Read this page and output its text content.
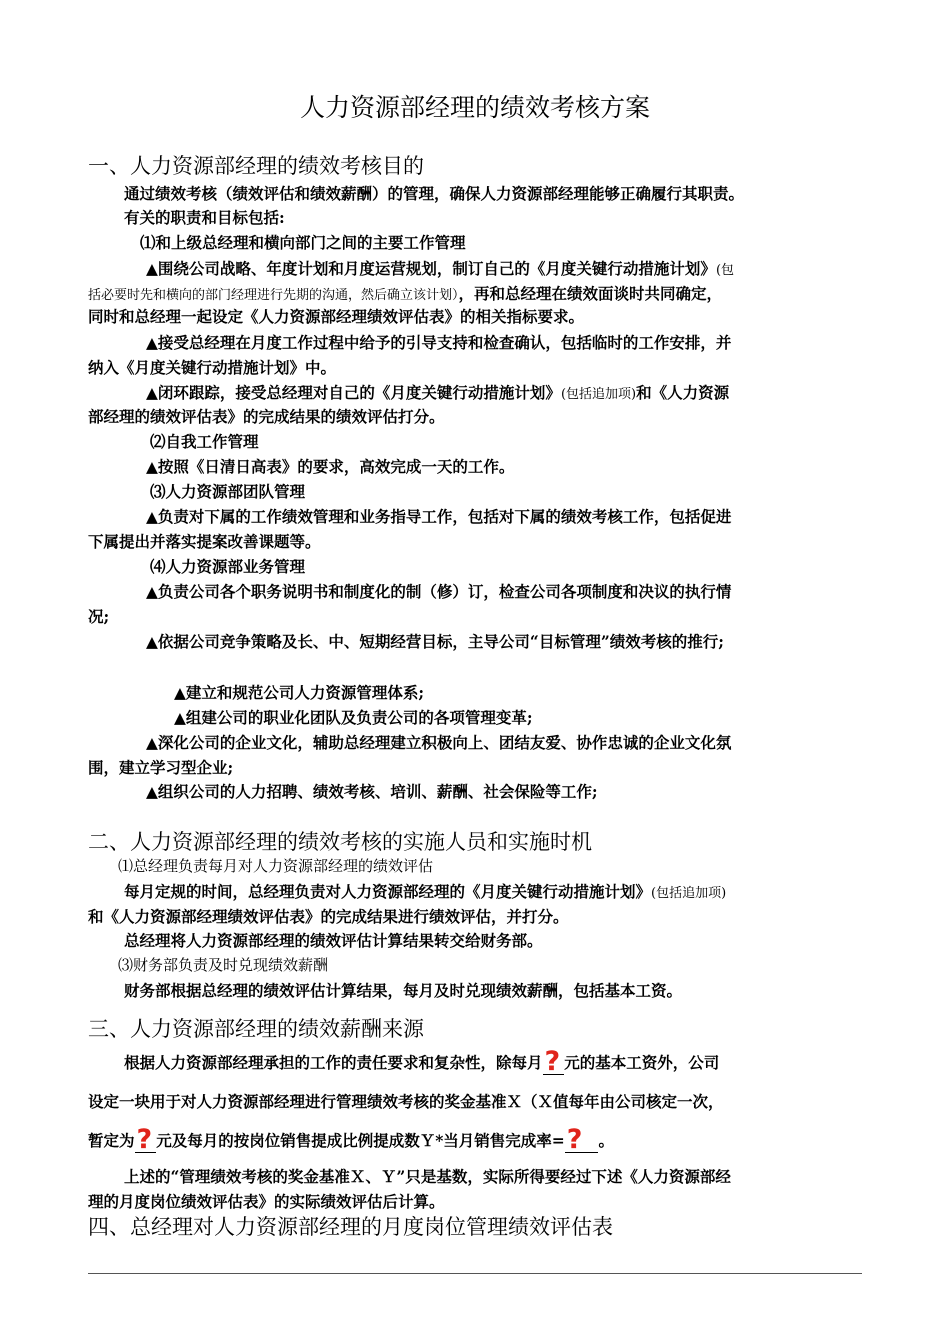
人力资源部经理的绩效考核方案
一、人力资源部经理的绩效考核目的
通过绩效考核（绩效评估和绩效薪酬）的管理，确保人力资源部经理能够正确履行其职责。
有关的职责和目标包括:
⑴和上级总经理和横向部门之间的主要工作管理
▲围绕公司战略、年度计划和月度运营规划，制订自己的《月度关键行动措施计划》(包
括必要时先和横向的部门经理进行先期的沟通，然后确立该计划），再和总经理在绩效面谈时共同确定，
同时和总经理一起设定《人力资源部经理绩效评估表》的相关指标要求。
▲接受总经理在月度工作过程中给予的引导支持和检查确认，包括临时的工作安排，并
纳入《月度关键行动措施计划》中。
▲闭环跟踪，接受总经理对自己的《月度关键行动措施计划》(包括追加项)和《人力资源
部经理的绩效评估表》的完成结果的绩效评估打分。
⑵自我工作管理
▲按照《日清日高表》的要求，高效完成一天的工作。
⑶人力资源部团队管理
▲负责对下属的工作绩效管理和业务指导工作，包括对下属的绩效考核工作，包括促进
下属提出并落实提案改善课题等。
⑷人力资源部业务管理
▲负责公司各个职务说明书和制度化的制（修）订，检查公司各项制度和决议的执行情
况;
▲依据公司竞争策略及长、中、短期经营目标，主导公司“目标管理”绩效考核的推行;
▲建立和规范公司人力资源管理体系;
▲组建公司的职业化团队及负责公司的各项管理变革;
▲深化公司的企业文化，辅助总经理建立积极向上、团结友爱、协作忠诚的企业文化氛
围，建立学习型企业;
▲组织公司的人力招聘、绩效考核、培训、薪酬、社会保险等工作;
二、人力资源部经理的绩效考核的实施人员和实施时机
⑴总经理负责每月对人力资源部经理的绩效评估
每月定规的时间，总经理负责对人力资源部经理的《月度关键行动措施计划》(包括追加项)
和《人力资源部经理绩效评估表》的完成结果进行绩效评估，并打分。
总经理将人力资源部经理的绩效评估计算结果转交给财务部。
⑶财务部负责及时兑现绩效薪酬
财务部根据总经理的绩效评估计算结果，每月及时兑现绩效薪酬，包括基本工资。
三、人力资源部经理的绩效薪酬来源
根据人力资源部经理承担的工作的责任要求和复杂性，除每月? 元的基本工资外，公司
设定一块用于对人力资源部经理进行管理绩效考核的奖金基准Ｘ（Ｘ值每年由公司核定一次，
暂定为? 元及每月的按岗位销售提成比例提成数Ｙ*当月销售完成率=? 。
上述的“管理绩效考核的奖金基准Ｘ、Ｙ”只是基数，实际所得要经过下述《人力资源部经
理的月度岗位绩效评估表》的实际绩效评估后计算。
四、总经理对人力资源部经理的月度岗位管理绩效评估表
